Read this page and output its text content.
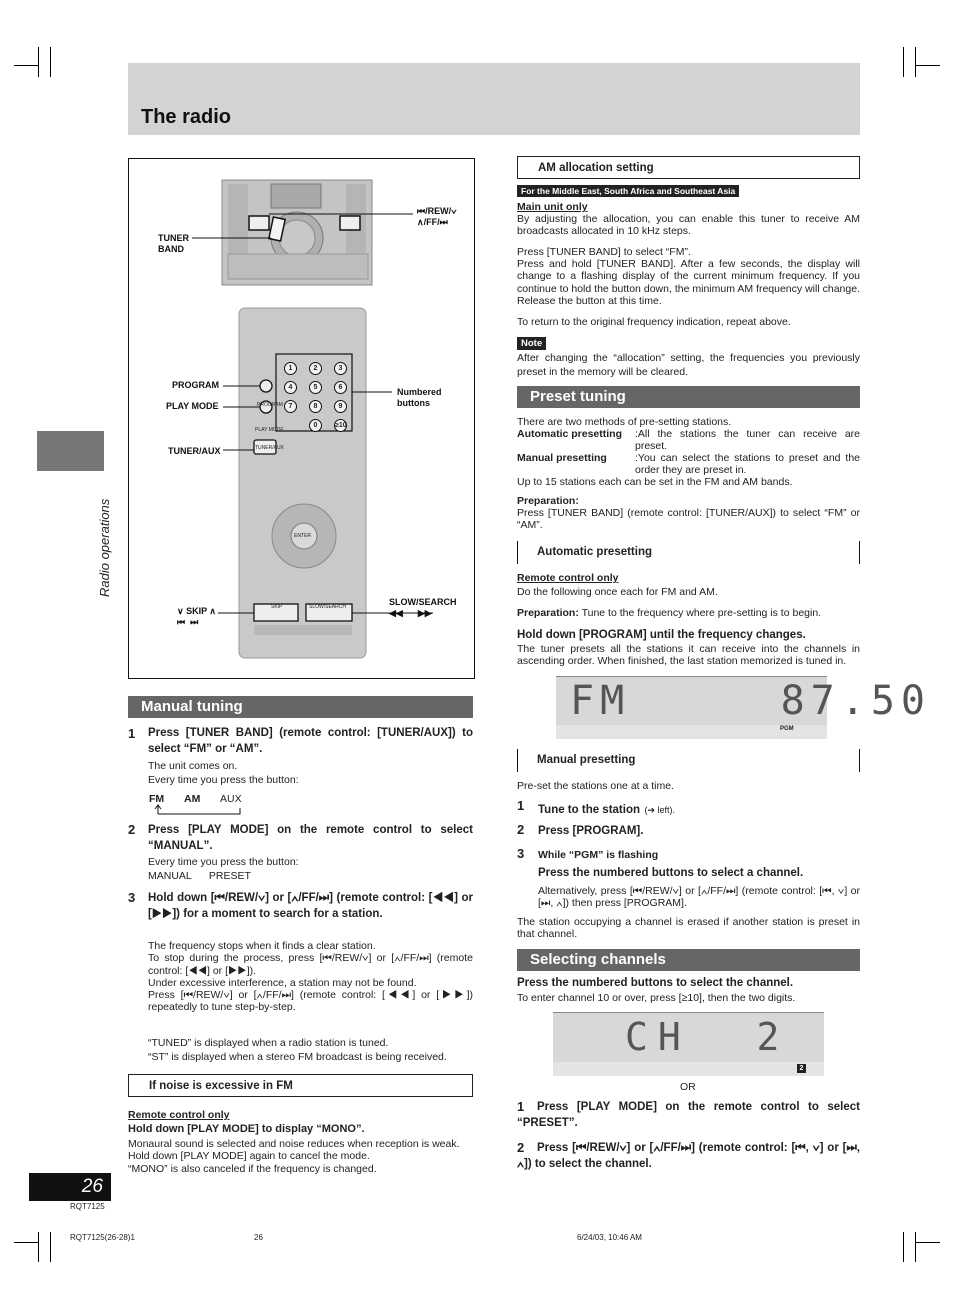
The radio
Radio operations
26
RQT7125
RQT7125(26-28)1	26	6/24/03, 10:46 AM
1	2	3
4	5	6
7	8	9
0	≥10
PROGRAM
PLAY MODE
TUNER/AUX
ENTER
SKIP	SLOW/SEARCH
TUNER
BAND
⏮/REW/∨
∧/FF/⏭
PROGRAM
PLAY MODE
Numbered
buttons
TUNER/AUX
∨ SKIP ∧
⏮  ⏭
SLOW/SEARCH
◀◀      ▶▶
Manual tuning
1 Press [TUNER BAND] (remote control: [TUNER/AUX]) to select “FM” or “AM”.
The unit comes on.
Every time you press the button:
FM AM AUX
2 Press [PLAY MODE] on the remote control to select “MANUAL”.
Every time you press the button:
MANUAL      PRESET
3 Hold down [⏮/REW/∨] or [∧/FF/⏭] (remote control: [◀◀] or [▶▶]) for a moment to search for a station.
The frequency stops when it finds a clear station.
To stop during the process, press [⏮/REW/∨] or [∧/FF/⏭] (remote control: [◀◀] or [▶▶]).
Under excessive interference, a station may not be found.
Press [⏮/REW/∨] or [∧/FF/⏭] (remote control: [◀◀] or [▶▶]) repeatedly to tune step-by-step.
“TUNED” is displayed when a radio station is tuned.
“ST” is displayed when a stereo FM broadcast is being received.
If noise is excessive in FM
Remote control only
Hold down [PLAY MODE] to display “MONO”.
Monaural sound is selected and noise reduces when reception is weak.
Hold down [PLAY MODE] again to cancel the mode.
“MONO” is also canceled if the frequency is changed.
AM allocation setting
For the Middle East, South Africa and Southeast Asia
Main unit only
By adjusting the allocation, you can enable this tuner to receive AM broadcasts allocated in 10 kHz steps.
Press [TUNER BAND] to select “FM”.
Press and hold [TUNER BAND]. After a few seconds, the display will change to a flashing display of the current minimum frequency. If you continue to hold the button down, the minimum AM frequency will change. Release the button at this time.
To return to the original frequency indication, repeat above.
Note
After changing the “allocation” setting, the frequencies you previously preset in the memory will be cleared.
Preset tuning
There are two methods of pre-setting stations.
Automatic presetting :All the stations the tuner can receive are preset.
Manual presetting	:You can select the stations to preset and the order they are preset in.
Up to 15 stations each can be set in the FM and AM bands.
Preparation:
Press [TUNER BAND] (remote control: [TUNER/AUX]) to select “FM” or “AM”.
Automatic presetting
Remote control only
Do the following once each for FM and AM.
Preparation: Tune to the frequency where pre-setting is to begin.
Hold down [PROGRAM] until the frequency changes.
The tuner presets all the stations it can receive into the channels in ascending order. When finished, the last station memorized is tuned in.
FM     87.50
PGM
Manual presetting
Pre-set the stations one at a time.
1 Tune to the station (➔ left).
2 Press [PROGRAM].
3 While “PGM” is flashing
Press the numbered buttons to select a channel.
Alternatively, press [⏮/REW/∨] or [∧/FF/⏭] (remote control: [⏮, ∨] or [⏭, ∧]) then press [PROGRAM].
The station occupying a channel is erased if another station is preset in that channel.
Selecting channels
Press the numbered buttons to select the channel.
To enter channel 10 or over, press [≥10], then the two digits.
CH  2
2
OR
1	Press [PLAY MODE] on the remote control to select “PRESET”.
2	Press [⏮/REW/∨] or [∧/FF/⏭] (remote control: [⏮, ∨] or [⏭, ∧]) to select the channel.
